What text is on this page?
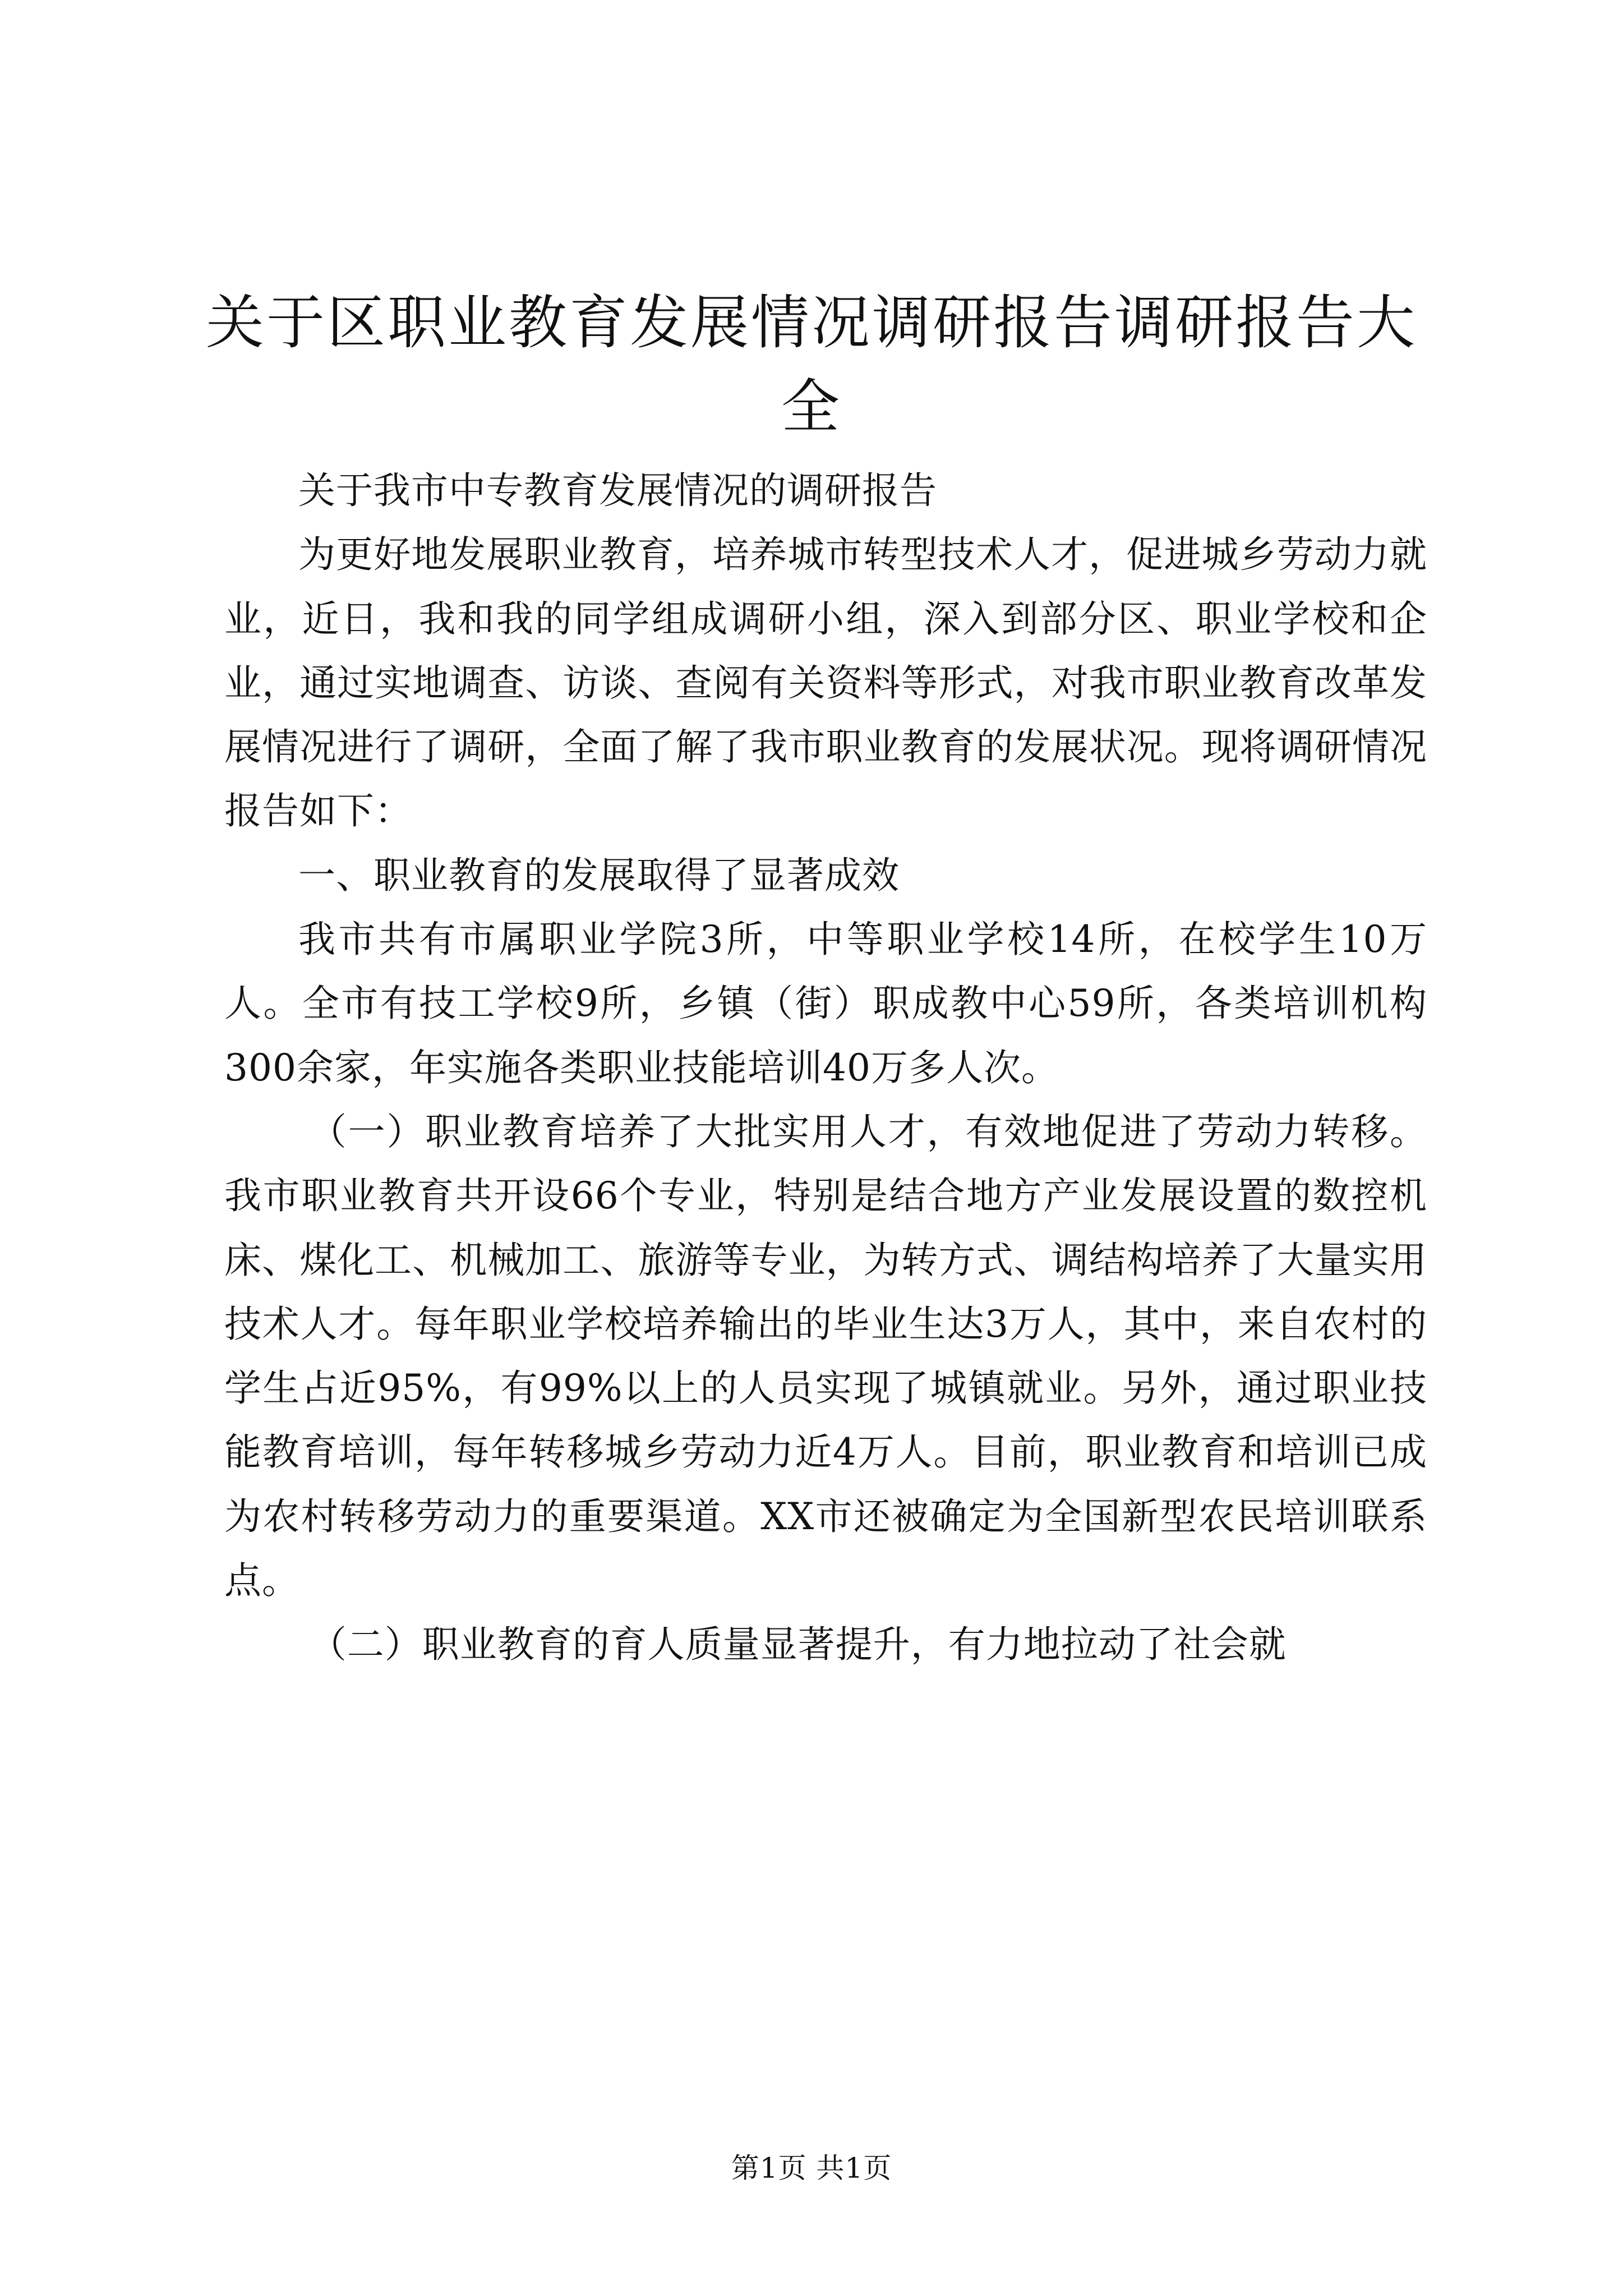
关于区职业教育发展情况调研报告调研报告大全

关于我市中专教育发展情况的调研报告

为更好地发展职业教育，培养城市转型技术人才，促进城乡劳动力就业，近日，我和我的同学组成调研小组，深入到部分区、职业学校和企业，通过实地调查、访谈、查阅有关资料等形式，对我市职业教育改革发展情况进行了调研，全面了解了我市职业教育的发展状况。现将调研情况报告如下：

一、职业教育的发展取得了显著成效

我市共有市属职业学院3所，中等职业学校14所，在校学生10万人。全市有技工学校9所，乡镇（街）职成教中心59所，各类培训机构300余家，年实施各类职业技能培训40万多人次。

（一）职业教育培养了大批实用人才，有效地促进了劳动力转移。我市职业教育共开设66个专业，特别是结合地方产业发展设置的数控机床、煤化工、机械加工、旅游等专业，为转方式、调结构培养了大量实用技术人才。每年职业学校培养输出的毕业生达3万人，其中，来自农村的学生占近95%，有99%以上的人员实现了城镇就业。另外，通过职业技能教育培训，每年转移城乡劳动力近4万人。目前，职业教育和培训已成为农村转移劳动力的重要渠道。XX市还被确定为全国新型农民培训联系点。

（二）职业教育的育人质量显著提升，有力地拉动了社会就

第1页 共1页
